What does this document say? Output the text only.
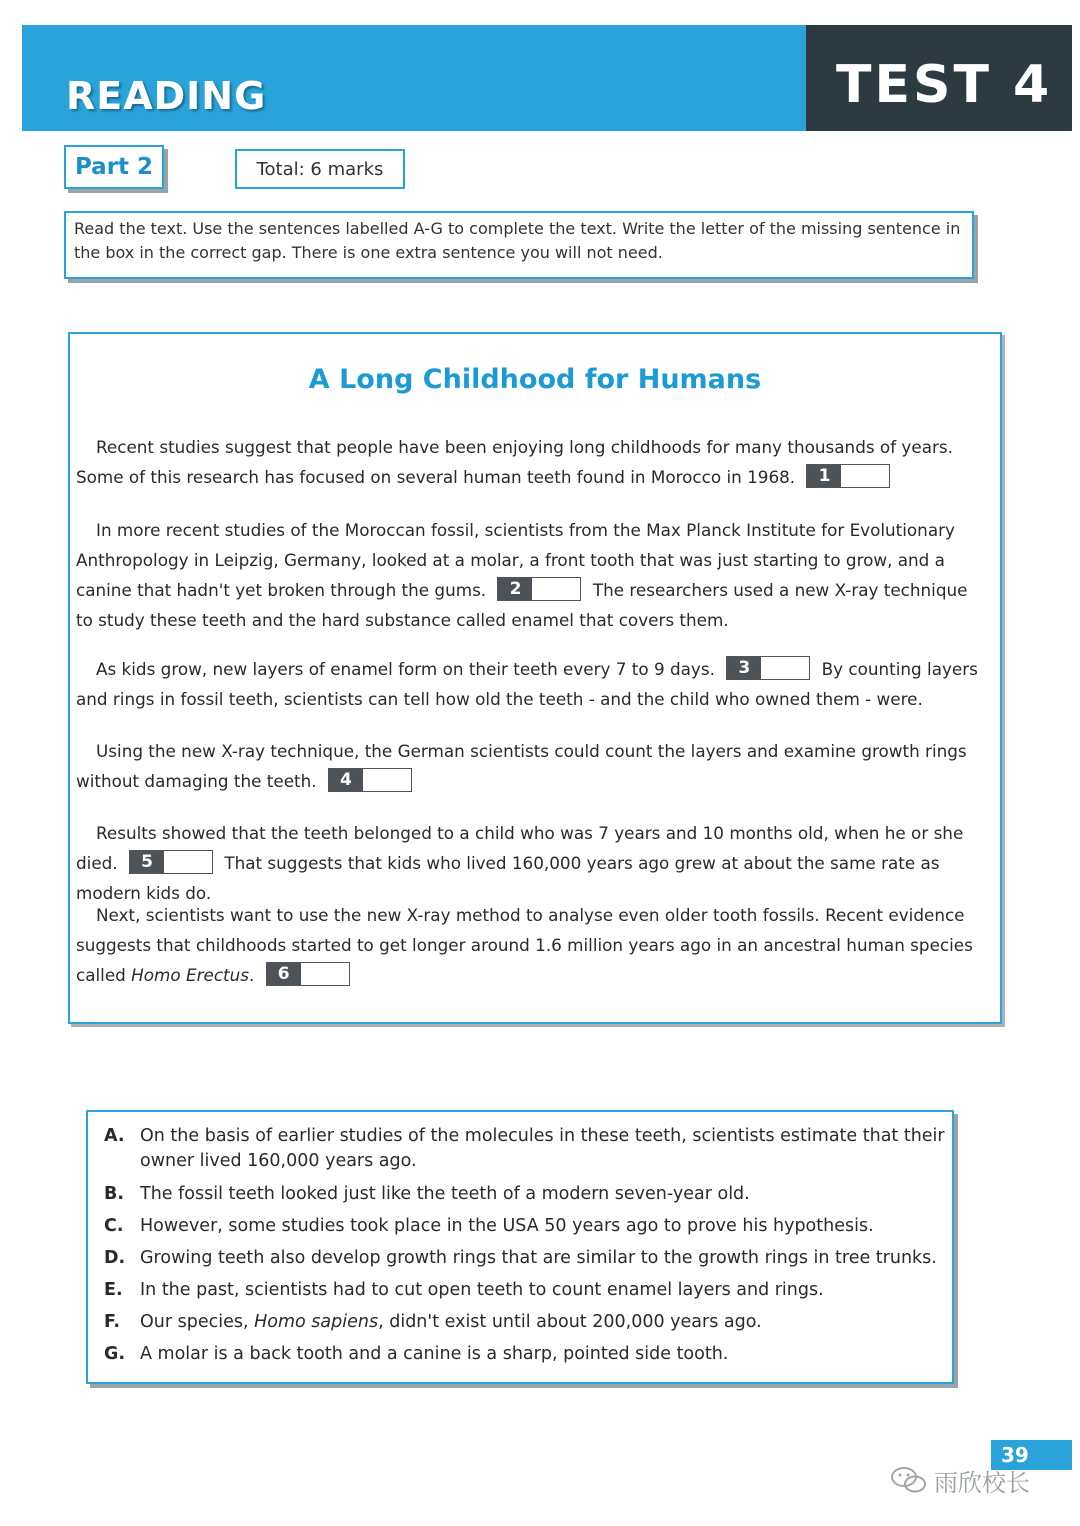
READING	TEST 4
Part 2	Total: 6 marks
Read the text. Use the sentences labelled A-G to complete the text. Write the letter of the missing sentence in the box in the correct gap. There is one extra sentence you will not need.
A Long Childhood for Humans
Recent studies suggest that people have been enjoying long childhoods for many thousands of years.
Some of this research has focused on several human teeth found in Morocco in 1968.	1
In more recent studies of the Moroccan fossil, scientists from the Max Planck Institute for Evolutionary Anthropology in Leipzig, Germany, looked at a molar, a front tooth that was just starting to grow, and a canine that hadn't yet broken through the gums.	2	The researchers used a new X-ray technique to study these teeth and the hard substance called enamel that covers them.
As kids grow, new layers of enamel form on their teeth every 7 to 9 days.	3	By counting layers and rings in fossil teeth, scientists can tell how old the teeth - and the child who owned them - were.
Using the new X-ray technique, the German scientists could count the layers and examine growth rings without damaging the teeth.	4
Results showed that the teeth belonged to a child who was 7 years and 10 months old, when he or she died.	5	That suggests that kids who lived 160,000 years ago grew at about the same rate as modern kids do.
Next, scientists want to use the new X-ray method to analyse even older tooth fossils. Recent evidence suggests that childhoods started to get longer around 1.6 million years ago in an ancestral human species called Homo Erectus.	6
A. On the basis of earlier studies of the molecules in these teeth, scientists estimate that their owner lived 160,000 years ago.
B. The fossil teeth looked just like the teeth of a modern seven-year old.
C. However, some studies took place in the USA 50 years ago to prove his hypothesis.
D. Growing teeth also develop growth rings that are similar to the growth rings in tree trunks.
E. In the past, scientists had to cut open teeth to count enamel layers and rings.
F.	Our species, Homo sapiens, didn't exist until about 200,000 years ago.
G. A molar is a back tooth and a canine is a sharp, pointed side tooth.
39
雨欣校长
